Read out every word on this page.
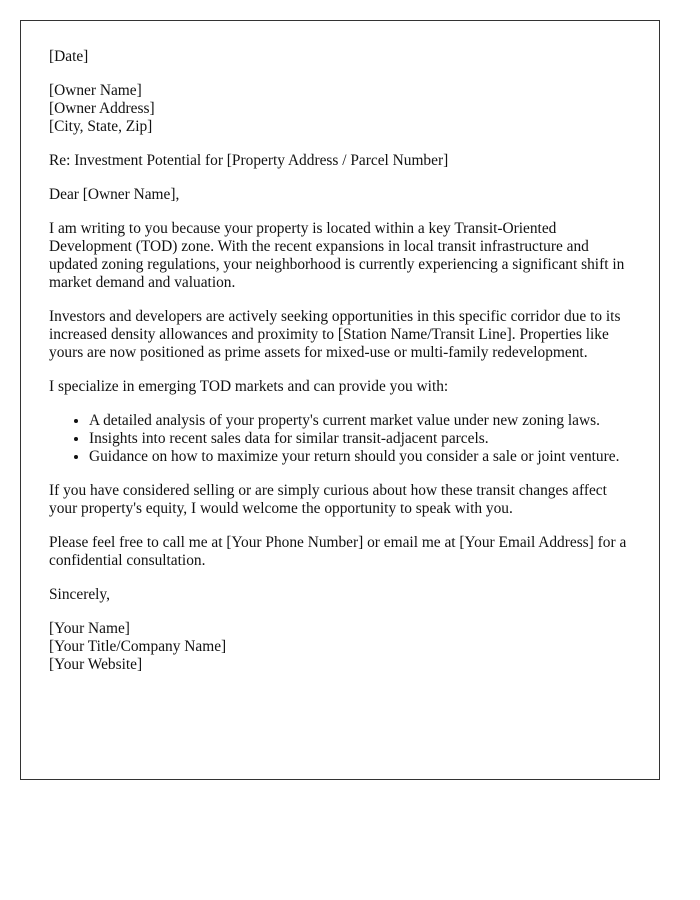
[Date]

[Owner Name]
[Owner Address]
[City, State, Zip]

Re: Investment Potential for [Property Address / Parcel Number]

Dear [Owner Name],

I am writing to you because your property is located within a key Transit-Oriented Development (TOD) zone. With the recent expansions in local transit infrastructure and updated zoning regulations, your neighborhood is currently experiencing a significant shift in market demand and valuation.

Investors and developers are actively seeking opportunities in this specific corridor due to its increased density allowances and proximity to [Station Name/Transit Line]. Properties like yours are now positioned as prime assets for mixed-use or multi-family redevelopment.

I specialize in emerging TOD markets and can provide you with:

• A detailed analysis of your property's current market value under new zoning laws.
• Insights into recent sales data for similar transit-adjacent parcels.
• Guidance on how to maximize your return should you consider a sale or joint venture.

If you have considered selling or are simply curious about how these transit changes affect your property's equity, I would welcome the opportunity to speak with you.

Please feel free to call me at [Your Phone Number] or email me at [Your Email Address] for a confidential consultation.

Sincerely,

[Your Name]
[Your Title/Company Name]
[Your Website]
